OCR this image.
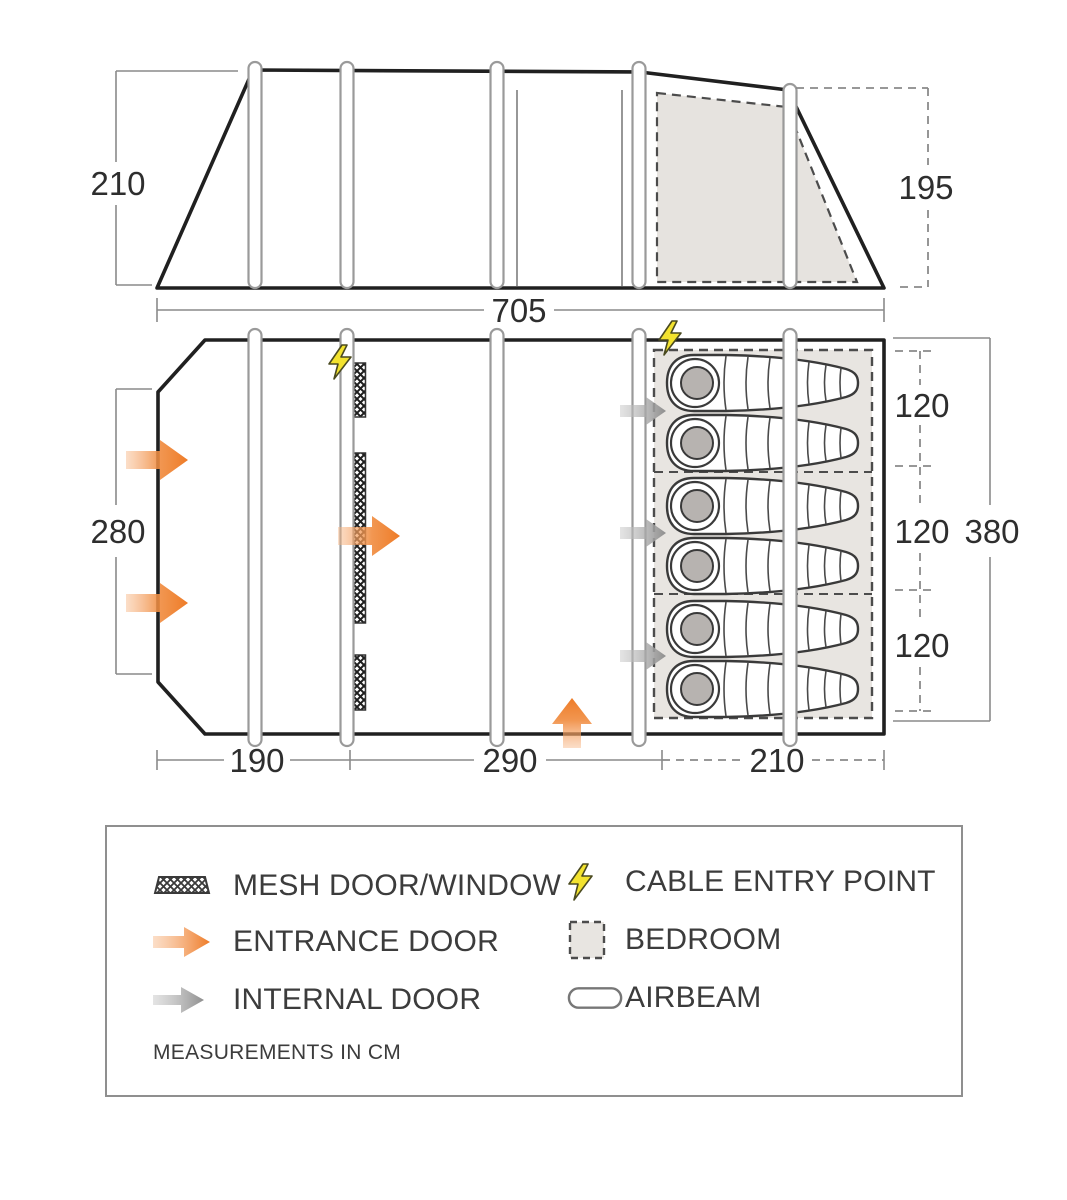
210	195
705
280
120
120
120
380
190	290	210
MESH DOOR/WINDOW CABLE ENTRY POINT
ENTRANCE DOOR	BEDROOM
INTERNAL DOOR	AIRBEAM
MEASUREMENTS IN CM
